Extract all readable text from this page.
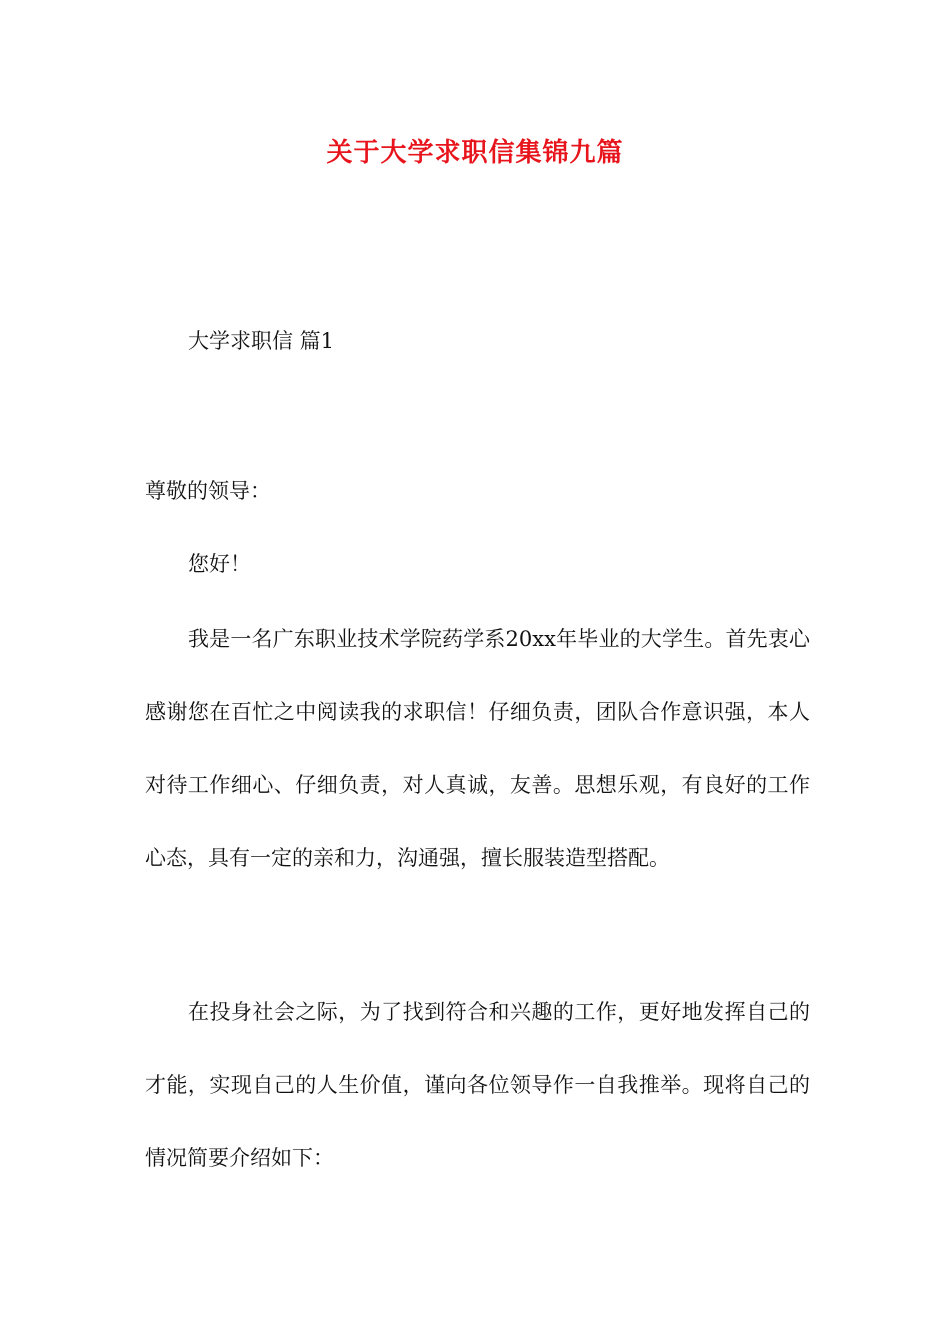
关于大学求职信集锦九篇

大学求职信 篇1

尊敬的领导：

您好！

我是一名广东职业技术学院药学系20xx年毕业的大学生。首先衷心感谢您在百忙之中阅读我的求职信！仔细负责，团队合作意识强，本人对待工作细心、仔细负责，对人真诚，友善。思想乐观，有良好的工作心态，具有一定的亲和力，沟通强，擅长服装造型搭配。

在投身社会之际，为了找到符合和兴趣的工作，更好地发挥自己的才能，实现自己的人生价值，谨向各位领导作一自我推举。现将自己的情况简要介绍如下：
